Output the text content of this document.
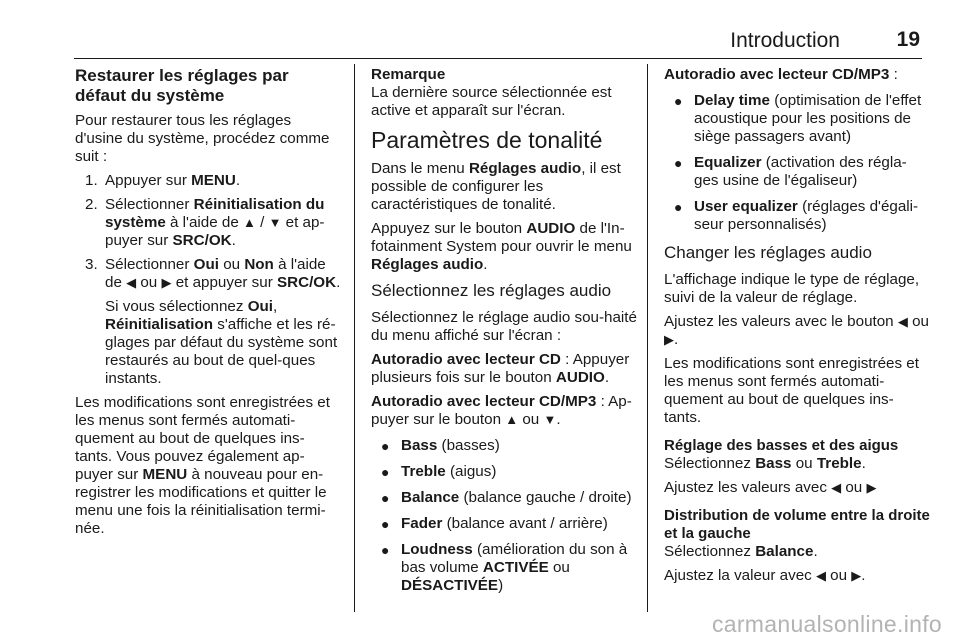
Introduction	19
Restaurer les réglages par défaut du système

Pour restaurer tous les réglages d'usine du système, procédez comme suit :

1. Appuyer sur MENU.
2. Sélectionner Réinitialisation du système à l'aide de ▲ / ▼ et ap-puyer sur SRC/OK.
3. Sélectionner Oui ou Non à l'aide de ◀ ou ▶ et appuyer sur SRC/OK.

Si vous sélectionnez Oui, Réinitialisation s'affiche et les ré-glages par défaut du système sont restaurés au bout de quel-ques instants.

Les modifications sont enregistrées et les menus sont fermés automati-quement au bout de quelques ins-tants. Vous pouvez également ap-puyer sur MENU à nouveau pour en-registrer les modifications et quitter le menu une fois la réinitialisation termi-née.

Remarque

La dernière source sélectionnée est active et apparaît sur l'écran.

Paramètres de tonalité

Dans le menu Réglages audio, il est possible de configurer les caractéristiques de tonalité.

Appuyez sur le bouton AUDIO de l'In-fotainment System pour ouvrir le menu Réglages audio.

Sélectionnez les réglages audio

Sélectionnez le réglage audio sou-haité du menu affiché sur l'écran :

Autoradio avec lecteur CD : Appuyer plusieurs fois sur le bouton AUDIO.

Autoradio avec lecteur CD/MP3 : Ap-puyer sur le bouton ▲ ou ▼.

● Bass (basses)
● Treble (aigus)
● Balance (balance gauche / droite)
● Fader (balance avant / arrière)
● Loudness (amélioration du son à bas volume ACTIVÉE ou DÉSACTIVÉE)

Autoradio avec lecteur CD/MP3 :

● Delay time (optimisation de l'effet acoustique pour les positions de siège passagers avant)
● Equalizer (activation des régla-ges usine de l'égaliseur)
● User equalizer (réglages d'égali-seur personnalisés)
Changer les réglages audio

L'affichage indique le type de réglage, suivi de la valeur de réglage.

Ajustez les valeurs avec le bouton ◀ ou ▶.

Les modifications sont enregistrées et les menus sont fermés automati-quement au bout de quelques ins-tants.

Réglage des basses et des aigus

Sélectionnez Bass ou Treble.

Ajustez les valeurs avec ◀ ou ▶

Distribution de volume entre la droite et la gauche

Sélectionnez Balance.

Ajustez la valeur avec ◀ ou ▶.

carmanualsonline.info
